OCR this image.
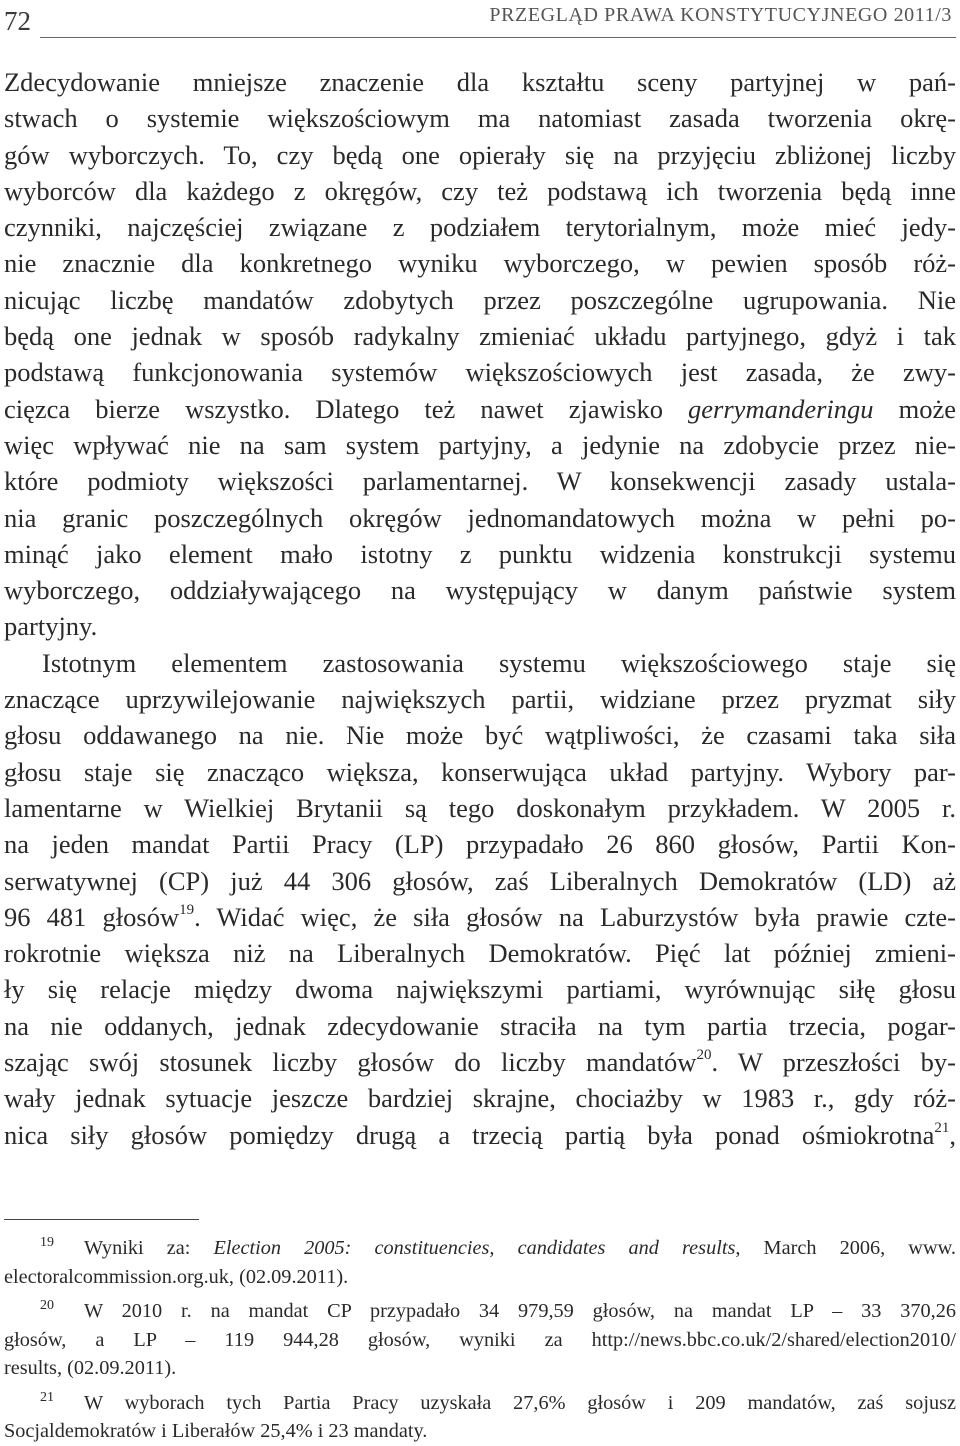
72	PRZEGLĄD PRAWA KONSTYTUCYJNEGO 2011/3
Zdecydowanie mniejsze znaczenie dla kształtu sceny partyjnej w pań-
stwach o systemie większościowym ma natomiast zasada tworzenia okrę-
gów wyborczych. To, czy będą one opierały się na przyjęciu zbliżonej liczby
wyborców dla każdego z okręgów, czy też podstawą ich tworzenia będą inne
czynniki, najczęściej związane z podziałem terytorialnym, może mieć jedy-
nie znacznie dla konkretnego wyniku wyborczego, w pewien sposób róż-
nicując liczbę mandatów zdobytych przez poszczególne ugrupowania. Nie
będą one jednak w sposób radykalny zmieniać układu partyjnego, gdyż i tak
podstawą funkcjonowania systemów większościowych jest zasada, że zwy-
cięzca bierze wszystko. Dlatego też nawet zjawisko gerrymanderingu może
więc wpływać nie na sam system partyjny, a jedynie na zdobycie przez nie-
które podmioty większości parlamentarnej. W konsekwencji zasady ustala-
nia granic poszczególnych okręgów jednomandatowych można w pełni po-
minąć jako element mało istotny z punktu widzenia konstrukcji systemu
wyborczego, oddziaływającego na występujący w danym państwie system
partyjny.
Istotnym elementem zastosowania systemu większościowego staje się
znaczące uprzywilejowanie największych partii, widziane przez pryzmat siły
głosu oddawanego na nie. Nie może być wątpliwości, że czasami taka siła
głosu staje się znacząco większa, konserwująca układ partyjny. Wybory par-
lamentarne w Wielkiej Brytanii są tego doskonałym przykładem. W 2005 r.
na jeden mandat Partii Pracy (LP) przypadało 26 860 głosów, Partii Kon-
serwatywnej (CP) już 44 306 głosów, zaś Liberalnych Demokratów (LD) aż
96 481 głosów$^{19}$. Widać więc, że siła głosów na Laburzystów była prawie czte-
rokrotnie większa niż na Liberalnych Demokratów. Pięć lat później zmieni-
ły się relacje między dwoma największymi partiami, wyrównując siłę głosu
na nie oddanych, jednak zdecydowanie straciła na tym partia trzecia, pogar-
szając swój stosunek liczby głosów do liczby mandatów$^{20}$. W przeszłości by-
wały jednak sytuacje jeszcze bardziej skrajne, chociażby w 1983 r., gdy róż-
nica siły głosów pomiędzy drugą a trzecią partią była ponad ośmiokrotna$^{21}$,
$^{19}$ Wyniki za: Election 2005: constituencies, candidates and results, March 2006, www.
electoralcommission.org.uk, (02.09.2011).
$^{20}$ W 2010 r. na mandat CP przypadało 34 979,59 głosów, na mandat LP – 33 370,26
głosów, a LP – 119 944,28 głosów, wyniki za http://news.bbc.co.uk/2/shared/election2010/
results, (02.09.2011).
$^{21}$ W wyborach tych Partia Pracy uzyskała 27,6% głosów i 209 mandatów, zaś sojusz
Socjaldemokratów i Liberałów 25,4% i 23 mandaty.
